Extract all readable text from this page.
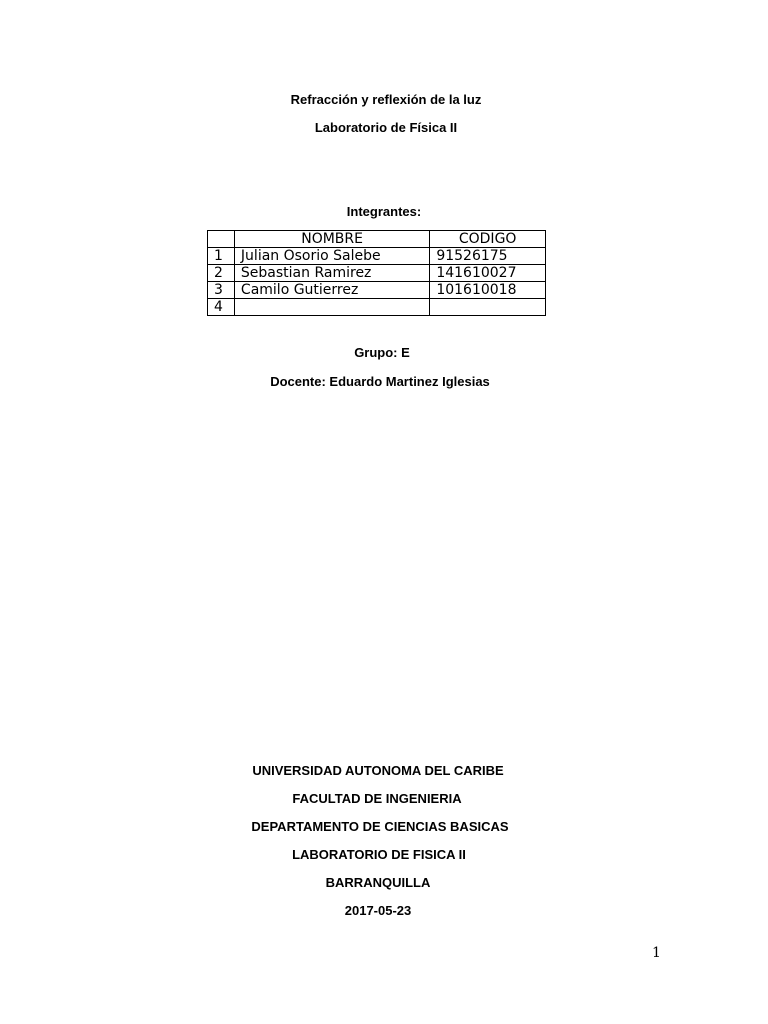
Refracción y reflexión de la luz
Laboratorio de Física II
Integrantes:
	NOMBRE	CODIGO
1	Julian Osorio Salebe	91526175
2	Sebastian Ramirez	141610027
3	Camilo Gutierrez	101610018
4		
Grupo: E
Docente: Eduardo Martinez Iglesias
UNIVERSIDAD AUTONOMA DEL CARIBE
FACULTAD DE INGENIERIA
DEPARTAMENTO DE CIENCIAS BASICAS
LABORATORIO DE FISICA II
BARRANQUILLA
2017-05-23
1
